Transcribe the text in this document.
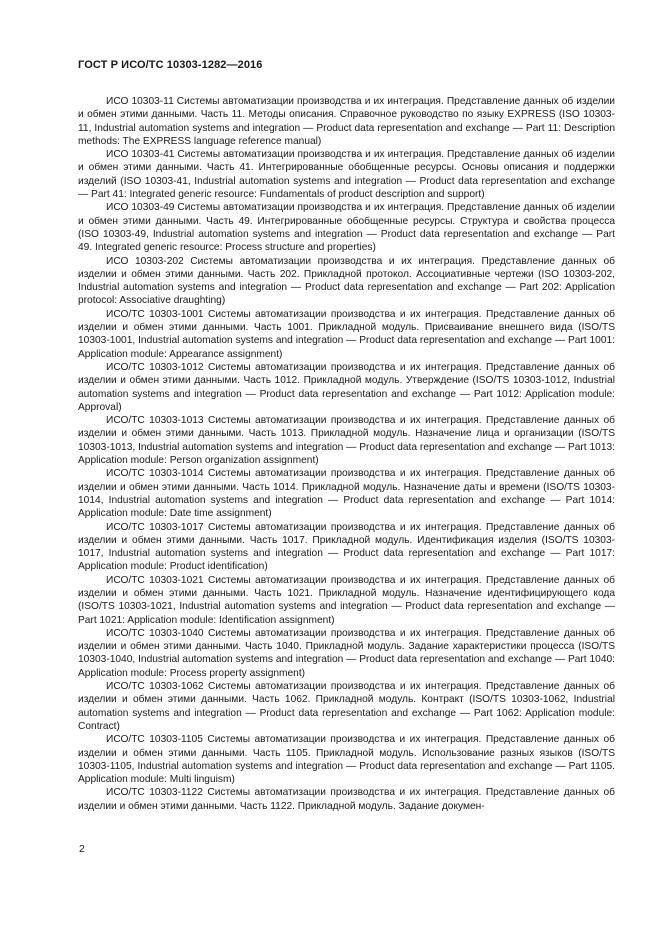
ГОСТ Р ИСО/ТС 10303-1282—2016

ИСО 10303-11 Системы автоматизации производства и их интеграция. Представление данных об изделии и обмен этими данными. Часть 11. Методы описания. Справочное руководство по языку EXPRESS (ISO 10303-11, Industrial automation systems and integration — Product data representation and exchange — Part 11: Description methods: The EXPRESS language reference manual)

ИСО 10303-41 Системы автоматизации производства и их интеграция. Представление данных об изделии и обмен этими данными. Часть 41. Интегрированные обобщенные ресурсы. Основы описания и поддержки изделий (ISO 10303-41, Industrial automation systems and integration — Product data representation and exchange — Part 41: Integrated generic resource: Fundamentals of product description and support)

ИСО 10303-49 Системы автоматизации производства и их интеграция. Представление данных об изделии и обмен этими данными. Часть 49. Интегрированные обобщенные ресурсы. Структура и свойства процесса (ISO 10303-49, Industrial automation systems and integration — Product data representation and exchange — Part 49. Integrated generic resource: Process structure and properties)

ИСО 10303-202 Системы автоматизации производства и их интеграция. Представление данных об изделии и обмен этими данными. Часть 202. Прикладной протокол. Ассоциативные чертежи (ISO 10303-202, Industrial automation systems and integration — Product data representation and exchange — Part 202: Application protocol: Associative draughting)

ИСО/ТС 10303-1001 Системы автоматизации производства и их интеграция. Представление данных об изделии и обмен этими данными. Часть 1001. Прикладной модуль. Присваивание внешнего вида (ISO/TS 10303-1001, Industrial automation systems and integration — Product data representation and exchange — Part 1001: Application module: Appearance assignment)

ИСО/ТС 10303-1012 Системы автоматизации производства и их интеграция. Представление данных об изделии и обмен этими данными. Часть 1012. Прикладной модуль. Утверждение (ISO/TS 10303-1012, Industrial automation systems and integration — Product data representation and exchange — Part 1012: Application module: Approval)

ИСО/ТС 10303-1013 Системы автоматизации производства и их интеграция. Представление данных об изделии и обмен этими данными. Часть 1013. Прикладной модуль. Назначение лица и организации (ISO/TS 10303-1013, Industrial automation systems and integration — Product data representation and exchange — Part 1013: Application module: Person organization assignment)

ИСО/ТС 10303-1014 Системы автоматизации производства и их интеграция. Представление данных об изделии и обмен этими данными. Часть 1014. Прикладной модуль. Назначение даты и времени (ISO/TS 10303-1014, Industrial automation systems and integration — Product data representation and exchange — Part 1014: Application module: Date time assignment)

ИСО/ТС 10303-1017 Системы автоматизации производства и их интеграция. Представление данных об изделии и обмен этими данными. Часть 1017. Прикладной модуль. Идентификация изделия (ISO/TS 10303-1017, Industrial automation systems and integration — Product data representation and exchange — Part 1017: Application module: Product identification)

ИСО/ТС 10303-1021 Системы автоматизации производства и их интеграция. Представление данных об изделии и обмен этими данными. Часть 1021. Прикладной модуль. Назначение идентифицирующего кода (ISO/TS 10303-1021, Industrial automation systems and integration — Product data representation and exchange — Part 1021: Application module: Identification assignment)

ИСО/ТС 10303-1040 Системы автоматизации производства и их интеграция. Представление данных об изделии и обмен этими данными. Часть 1040. Прикладной модуль. Задание характеристики процесса (ISO/TS 10303-1040, Industrial automation systems and integration — Product data representation and exchange — Part 1040: Application module: Process property assignment)

ИСО/ТС 10303-1062 Системы автоматизации производства и их интеграция. Представление данных об изделии и обмен этими данными. Часть 1062. Прикладной модуль. Контракт (ISO/TS 10303-1062, Industrial automation systems and integration — Product data representation and exchange — Part 1062: Application module: Contract)

ИСО/ТС 10303-1105 Системы автоматизации производства и их интеграция. Представление данных об изделии и обмен этими данными. Часть 1105. Прикладной модуль. Использование разных языков (ISO/TS 10303-1105, Industrial automation systems and integration — Product data representation and exchange — Part 1105. Application module: Multi linguism)

ИСО/ТС 10303-1122 Системы автоматизации производства и их интеграция. Представление данных об изделии и обмен этими данными. Часть 1122. Прикладной модуль. Задание докумен-

2
